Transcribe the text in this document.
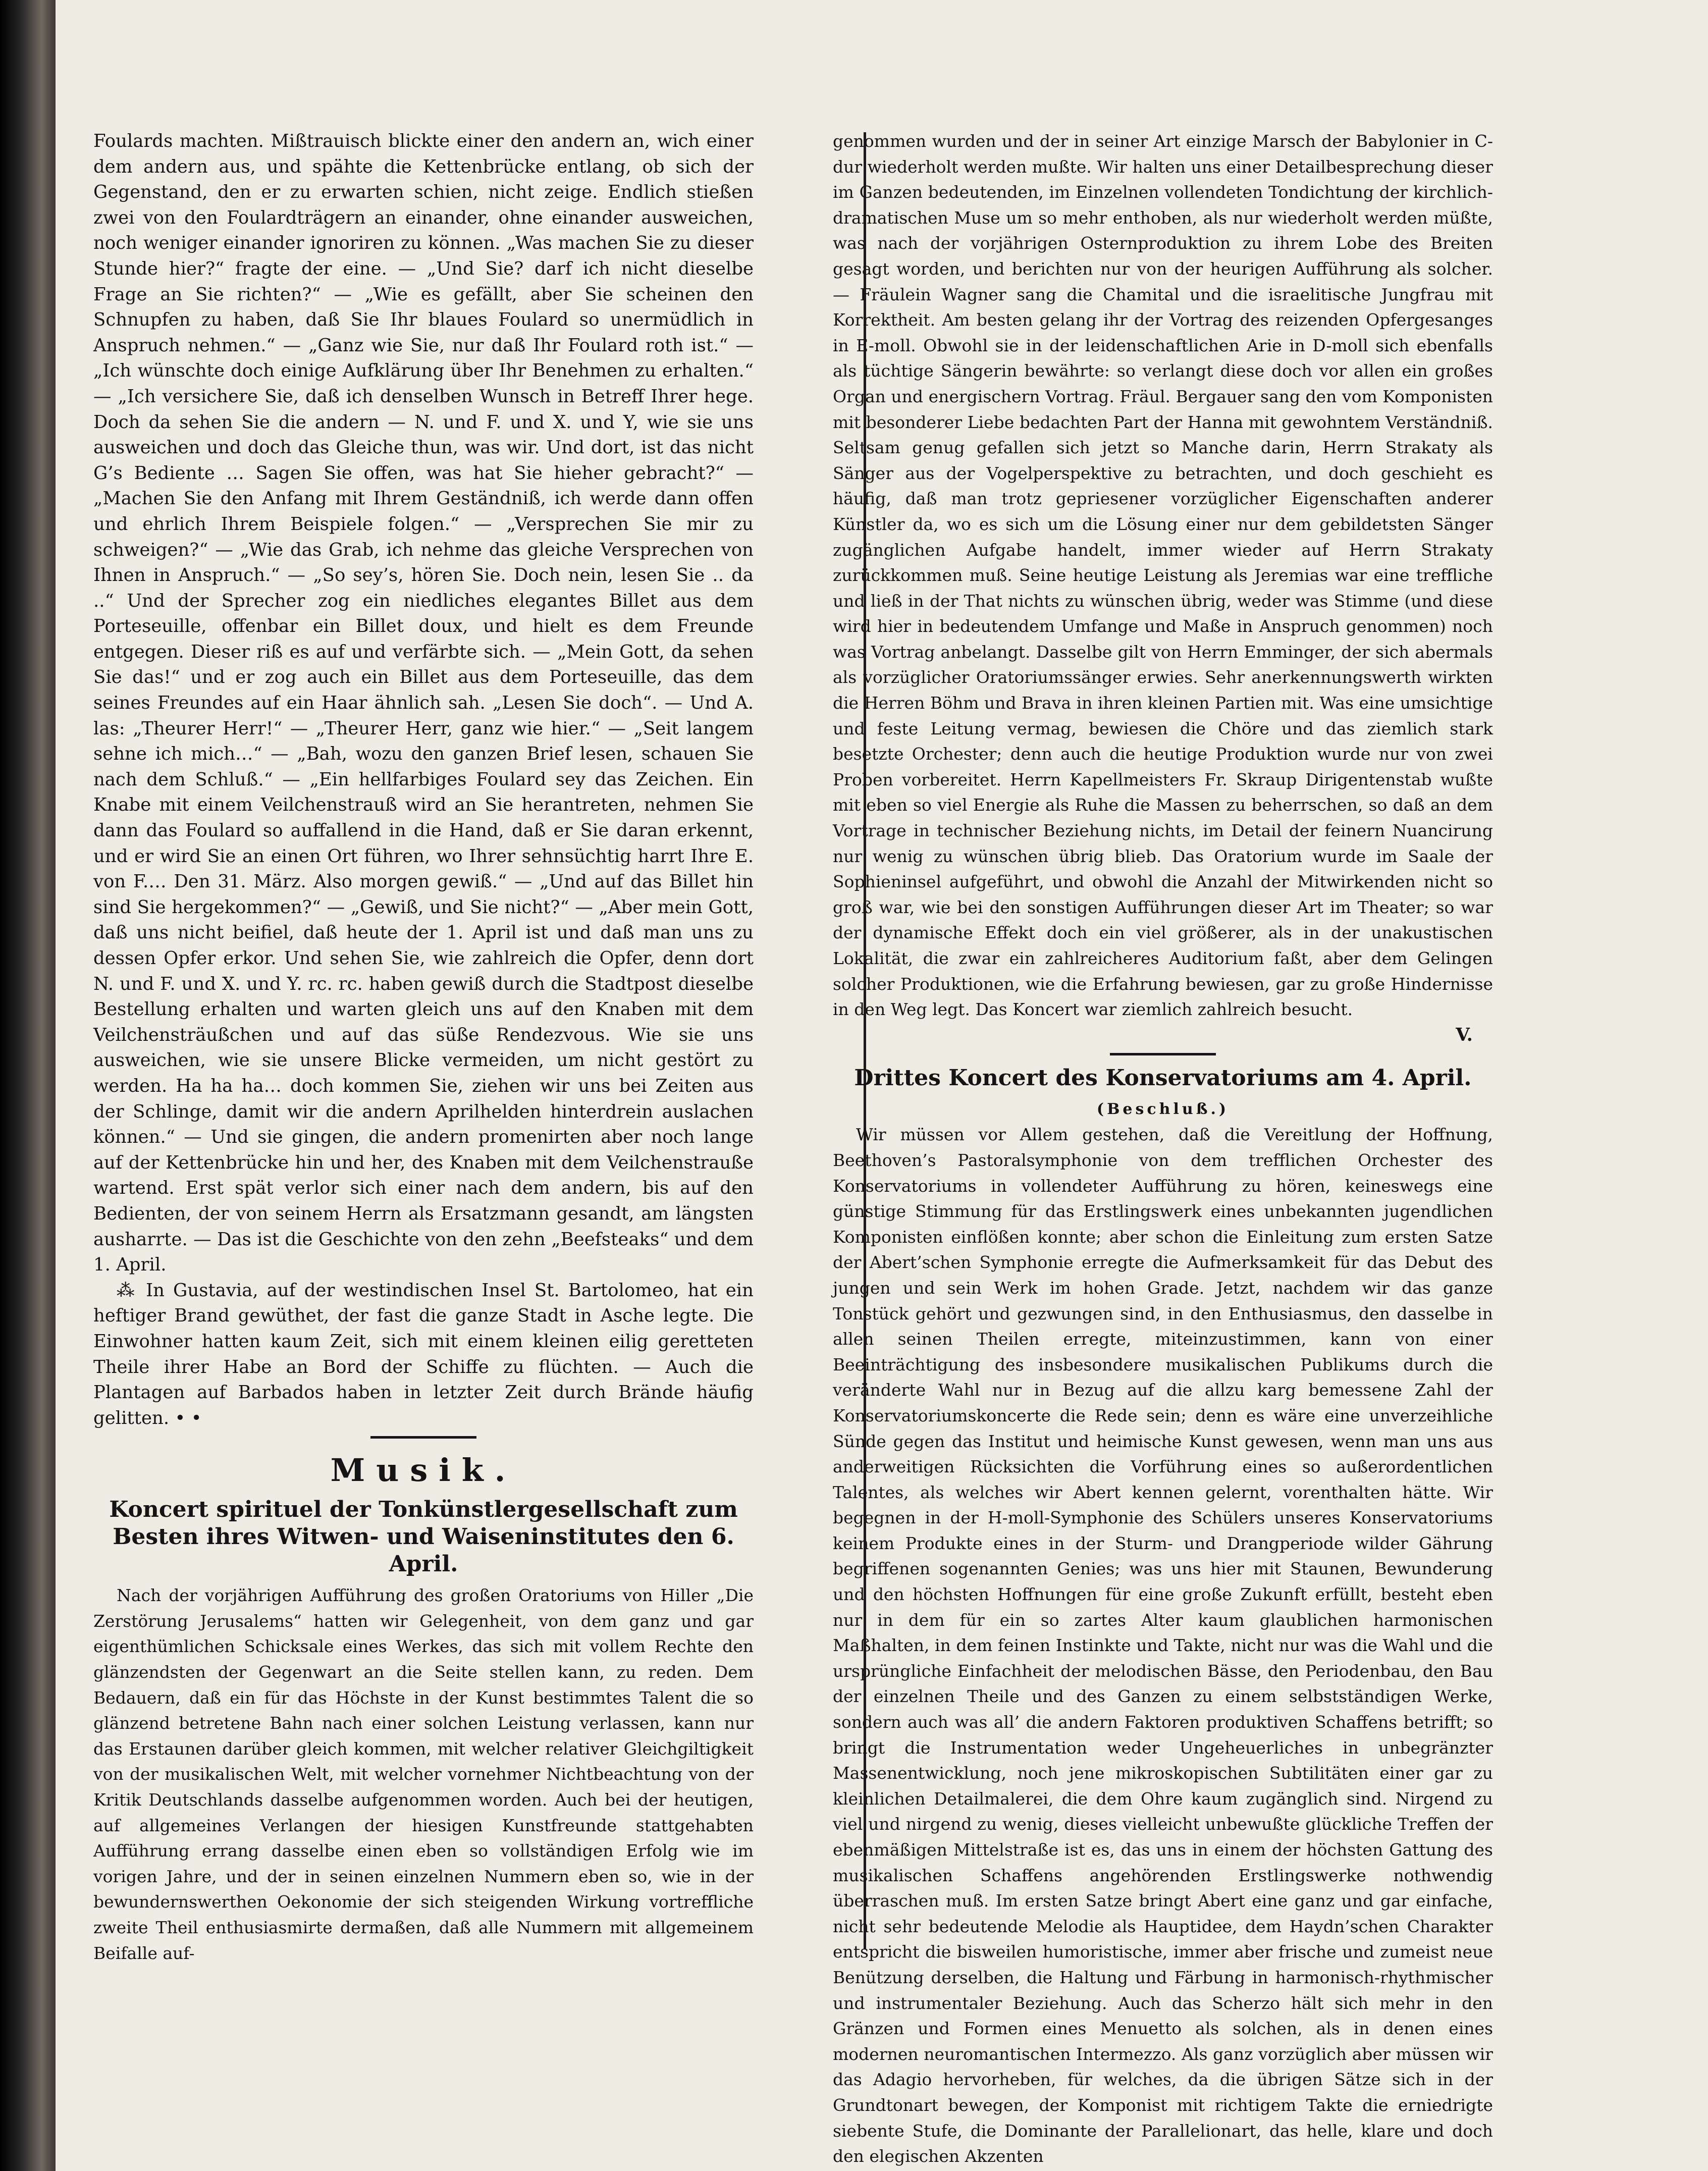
Foulards machten. Mißtrauisch blickte einer den andern an, wich einer dem andern aus, und spähte die Kettenbrücke entlang, ob sich der Gegenstand, den er zu erwarten schien, nicht zeige. Endlich stießen zwei von den Foulardträgern an einander, ohne einander ausweichen, noch weniger einander ignoriren zu können. „Was machen Sie zu dieser Stunde hier?“ fragte der eine. — „Und Sie? darf ich nicht dieselbe Frage an Sie richten?“ — „Wie es gefällt, aber Sie scheinen den Schnupfen zu haben, daß Sie Ihr blaues Foulard so unermüdlich in Anspruch nehmen.“ — „Ganz wie Sie, nur daß Ihr Foulard roth ist.“ — „Ich wünschte doch einige Aufklärung über Ihr Benehmen zu erhalten.“ — „Ich versichere Sie, daß ich denselben Wunsch in Betreff Ihrer hege. Doch da sehen Sie die andern — N. und F. und X. und Y, wie sie uns ausweichen und doch das Gleiche thun, was wir. Und dort, ist das nicht G’s Bediente … Sagen Sie offen, was hat Sie hieher gebracht?“ — „Machen Sie den Anfang mit Ihrem Geständniß, ich werde dann offen und ehrlich Ihrem Beispiele folgen.“ — „Versprechen Sie mir zu schweigen?“ — „Wie das Grab, ich nehme das gleiche Versprechen von Ihnen in Anspruch.“ — „So sey’s, hören Sie. Doch nein, lesen Sie .. da ..“ Und der Sprecher zog ein niedliches elegantes Billet aus dem Porteseuille, offenbar ein Billet doux, und hielt es dem Freunde entgegen. Dieser riß es auf und verfärbte sich. — „Mein Gott, da sehen Sie das!“ und er zog auch ein Billet aus dem Porteseuille, das dem seines Freundes auf ein Haar ähnlich sah. „Lesen Sie doch“. — Und A. las: „Theurer Herr!“ — „Theurer Herr, ganz wie hier.“ — „Seit langem sehne ich mich…“ — „Bah, wozu den ganzen Brief lesen, schauen Sie nach dem Schluß.“ — „Ein hellfarbiges Foulard sey das Zeichen. Ein Knabe mit einem Veilchenstrauß wird an Sie herantreten, nehmen Sie dann das Foulard so auffallend in die Hand, daß er Sie daran erkennt, und er wird Sie an einen Ort führen, wo Ihrer sehnsüchtig harrt Ihre E. von F.… Den 31. März. Also morgen gewiß.“ — „Und auf das Billet hin sind Sie hergekommen?“ — „Gewiß, und Sie nicht?“ — „Aber mein Gott, daß uns nicht beifiel, daß heute der 1. April ist und daß man uns zu dessen Opfer erkor. Und sehen Sie, wie zahlreich die Opfer, denn dort N. und F. und X. und Y. rc. rc. haben gewiß durch die Stadtpost dieselbe Bestellung erhalten und warten gleich uns auf den Knaben mit dem Veilchensträußchen und auf das süße Rendezvous. Wie sie uns ausweichen, wie sie unsere Blicke vermeiden, um nicht gestört zu werden. Ha ha ha… doch kommen Sie, ziehen wir uns bei Zeiten aus der Schlinge, damit wir die andern Aprilhelden hinterdrein auslachen können.“ — Und sie gingen, die andern promenirten aber noch lange auf der Kettenbrücke hin und her, des Knaben mit dem Veilchenstrauße wartend. Erst spät verlor sich einer nach dem andern, bis auf den Bedienten, der von seinem Herrn als Ersatzmann gesandt, am längsten ausharrte. — Das ist die Geschichte von den zehn „Beefsteaks“ und dem 1. April.

⁂ In Gustavia, auf der westindischen Insel St. Bartolomeo, hat ein heftiger Brand gewüthet, der fast die ganze Stadt in Asche legte. Die Einwohner hatten kaum Zeit, sich mit einem kleinen eilig geretteten Theile ihrer Habe an Bord der Schiffe zu flüchten. — Auch die Plantagen auf Barbados haben in letzter Zeit durch Brände häufig gelitten. • •

Musik.
Koncert spirituel der Tonkünstlergesellschaft zum Besten ihres Witwen- und Waiseninstitutes den 6. April.

Nach der vorjährigen Aufführung des großen Oratoriums von Hiller „Die Zerstörung Jerusalems“ hatten wir Gelegenheit, von dem ganz und gar eigenthümlichen Schicksale eines Werkes, das sich mit vollem Rechte den glänzendsten der Gegenwart an die Seite stellen kann, zu reden. Dem Bedauern, daß ein für das Höchste in der Kunst bestimmtes Talent die so glänzend betretene Bahn nach einer solchen Leistung verlassen, kann nur das Erstaunen darüber gleich kommen, mit welcher relativer Gleichgiltigkeit von der musikalischen Welt, mit welcher vornehmer Nichtbeachtung von der Kritik Deutschlands dasselbe aufgenommen worden. Auch bei der heutigen, auf allgemeines Verlangen der hiesigen Kunstfreunde stattgehabten Aufführung errang dasselbe einen eben so vollständigen Erfolg wie im vorigen Jahre, und der in seinen einzelnen Nummern eben so, wie in der bewundernswerthen Oekonomie der sich steigenden Wirkung vortreffliche zweite Theil enthusiasmirte dermaßen, daß alle Nummern mit allgemeinem Beifalle auf-

genommen wurden und der in seiner Art einzige Marsch der Babylonier in C-dur wiederholt werden mußte. Wir halten uns einer Detailbesprechung dieser im Ganzen bedeutenden, im Einzelnen vollendeten Tondichtung der kirchlich-dramatischen Muse um so mehr enthoben, als nur wiederholt werden müßte, was nach der vorjährigen Osternproduktion zu ihrem Lobe des Breiten gesagt worden, und berichten nur von der heurigen Aufführung als solcher. — Fräulein Wagner sang die Chamital und die israelitische Jungfrau mit Korrektheit. Am besten gelang ihr der Vortrag des reizenden Opfergesanges in E-moll. Obwohl sie in der leidenschaftlichen Arie in D-moll sich ebenfalls als tüchtige Sängerin bewährte: so verlangt diese doch vor allen ein großes Organ und energischern Vortrag. Fräul. Bergauer sang den vom Komponisten mit besonderer Liebe bedachten Part der Hanna mit gewohntem Verständniß. Seltsam genug gefallen sich jetzt so Manche darin, Herrn Strakaty als Sänger aus der Vogelperspektive zu betrachten, und doch geschieht es häufig, daß man trotz gepriesener vorzüglicher Eigenschaften anderer Künstler da, wo es sich um die Lösung einer nur dem gebildetsten Sänger zugänglichen Aufgabe handelt, immer wieder auf Herrn Strakaty zurückkommen muß. Seine heutige Leistung als Jeremias war eine treffliche und ließ in der That nichts zu wünschen übrig, weder was Stimme (und diese wird hier in bedeutendem Umfange und Maße in Anspruch genommen) noch was Vortrag anbelangt. Dasselbe gilt von Herrn Emminger, der sich abermals als vorzüglicher Oratoriumssänger erwies. Sehr anerkennungswerth wirkten die Herren Böhm und Brava in ihren kleinen Partien mit. Was eine umsichtige und feste Leitung vermag, bewiesen die Chöre und das ziemlich stark besetzte Orchester; denn auch die heutige Produktion wurde nur von zwei Proben vorbereitet. Herrn Kapellmeisters Fr. Skraup Dirigentenstab wußte mit eben so viel Energie als Ruhe die Massen zu beherrschen, so daß an dem Vortrage in technischer Beziehung nichts, im Detail der feinern Nuancirung nur wenig zu wünschen übrig blieb. Das Oratorium wurde im Saale der Sophieninsel aufgeführt, und obwohl die Anzahl der Mitwirkenden nicht so groß war, wie bei den sonstigen Aufführungen dieser Art im Theater; so war der dynamische Effekt doch ein viel größerer, als in der unakustischen Lokalität, die zwar ein zahlreicheres Auditorium faßt, aber dem Gelingen solcher Produktionen, wie die Erfahrung bewiesen, gar zu große Hindernisse in den Weg legt. Das Koncert war ziemlich zahlreich besucht.

V.
Drittes Koncert des Konservatoriums am 4. April.
(Beschluß.)

Wir müssen vor Allem gestehen, daß die Vereitlung der Hoffnung, Beethoven’s Pastoralsymphonie von dem trefflichen Orchester des Konservatoriums in vollendeter Aufführung zu hören, keineswegs eine günstige Stimmung für das Erstlingswerk eines unbekannten jugendlichen Komponisten einflößen konnte; aber schon die Einleitung zum ersten Satze der Abert’schen Symphonie erregte die Aufmerksamkeit für das Debut des jungen und sein Werk im hohen Grade. Jetzt, nachdem wir das ganze Tonstück gehört und gezwungen sind, in den Enthusiasmus, den dasselbe in allen seinen Theilen erregte, miteinzustimmen, kann von einer Beeinträchtigung des insbesondere musikalischen Publikums durch die veränderte Wahl nur in Bezug auf die allzu karg bemessene Zahl der Konservatoriumskoncerte die Rede sein; denn es wäre eine unverzeihliche Sünde gegen das Institut und heimische Kunst gewesen, wenn man uns aus anderweitigen Rücksichten die Vorführung eines so außerordentlichen Talentes, als welches wir Abert kennen gelernt, vorenthalten hätte. Wir begegnen in der H-moll-Symphonie des Schülers unseres Konservatoriums keinem Produkte eines in der Sturm- und Drangperiode wilder Gährung begriffenen sogenannten Genies; was uns hier mit Staunen, Bewunderung und den höchsten Hoffnungen für eine große Zukunft erfüllt, besteht eben nur in dem für ein so zartes Alter kaum glaublichen harmonischen Maßhalten, in dem feinen Instinkte und Takte, nicht nur was die Wahl und die ursprüngliche Einfachheit der melodischen Bässe, den Periodenbau, den Bau der einzelnen Theile und des Ganzen zu einem selbstständigen Werke, sondern auch was all’ die andern Faktoren produktiven Schaffens betrifft; so bringt die Instrumentation weder Ungeheuerliches in unbegränzter Massenentwicklung, noch jene mikroskopischen Subtilitäten einer gar zu kleinlichen Detailmalerei, die dem Ohre kaum zugänglich sind. Nirgend zu viel und nirgend zu wenig, dieses vielleicht unbewußte glückliche Treffen der ebenmäßigen Mittelstraße ist es, das uns in einem der höchsten Gattung des musikalischen Schaffens angehörenden Erstlingswerke nothwendig überraschen muß. Im ersten Satze bringt Abert eine ganz und gar einfache, nicht sehr bedeutende Melodie als Hauptidee, dem Haydn’schen Charakter entspricht die bisweilen humoristische, immer aber frische und zumeist neue Benützung derselben, die Haltung und Färbung in harmonisch-rhythmischer und instrumentaler Beziehung. Auch das Scherzo hält sich mehr in den Gränzen und Formen eines Menuetto als solchen, als in denen eines modernen neuromantischen Intermezzo. Als ganz vorzüglich aber müssen wir das Adagio hervorheben, für welches, da die übrigen Sätze sich in der Grundtonart bewegen, der Komponist mit richtigem Takte die erniedrigte siebente Stufe, die Dominante der Parallelionart, das helle, klare und doch den elegischen Akzenten
